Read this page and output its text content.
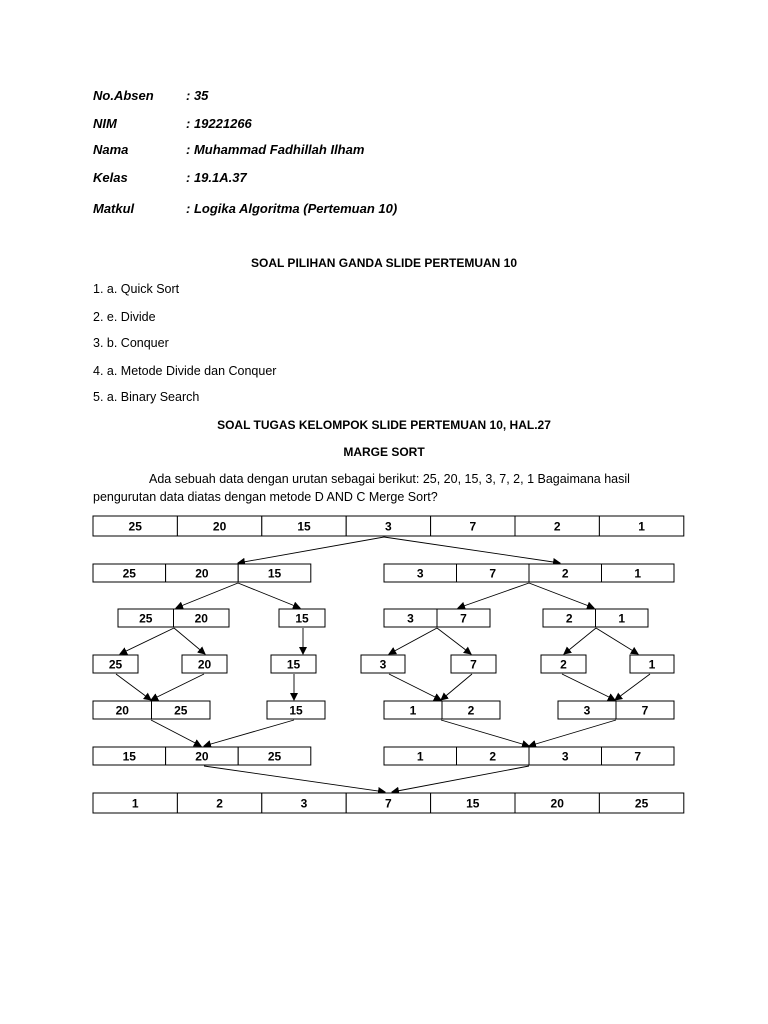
No.Absen : 35
NIM	: 19221266
Nama	: Muhammad Fadhillah Ilham
Kelas	: 19.1A.37
Matkul	: Logika Algoritma (Pertemuan 10)
SOAL PILIHAN GANDA SLIDE PERTEMUAN 10
1. a. Quick Sort
2. e. Divide
3. b. Conquer
4. a. Metode Divide dan Conquer
5. a. Binary Search
SOAL TUGAS KELOMPOK SLIDE PERTEMUAN 10, HAL.27
MARGE SORT
Ada sebuah data dengan urutan sebagai berikut: 25, 20, 15, 3, 7, 2, 1 Bagaimana hasil pengurutan data diatas dengan metode D AND C Merge Sort?
25	20	15	3	7	2	1
25	20	15	3	7	2	1
25	20	15	3	7	2	1
25	20	15	3	7	2	1
20	25	15	1	2	3	7
15	20	25	1	2	3	7
1	2	3	7	15	20	25
